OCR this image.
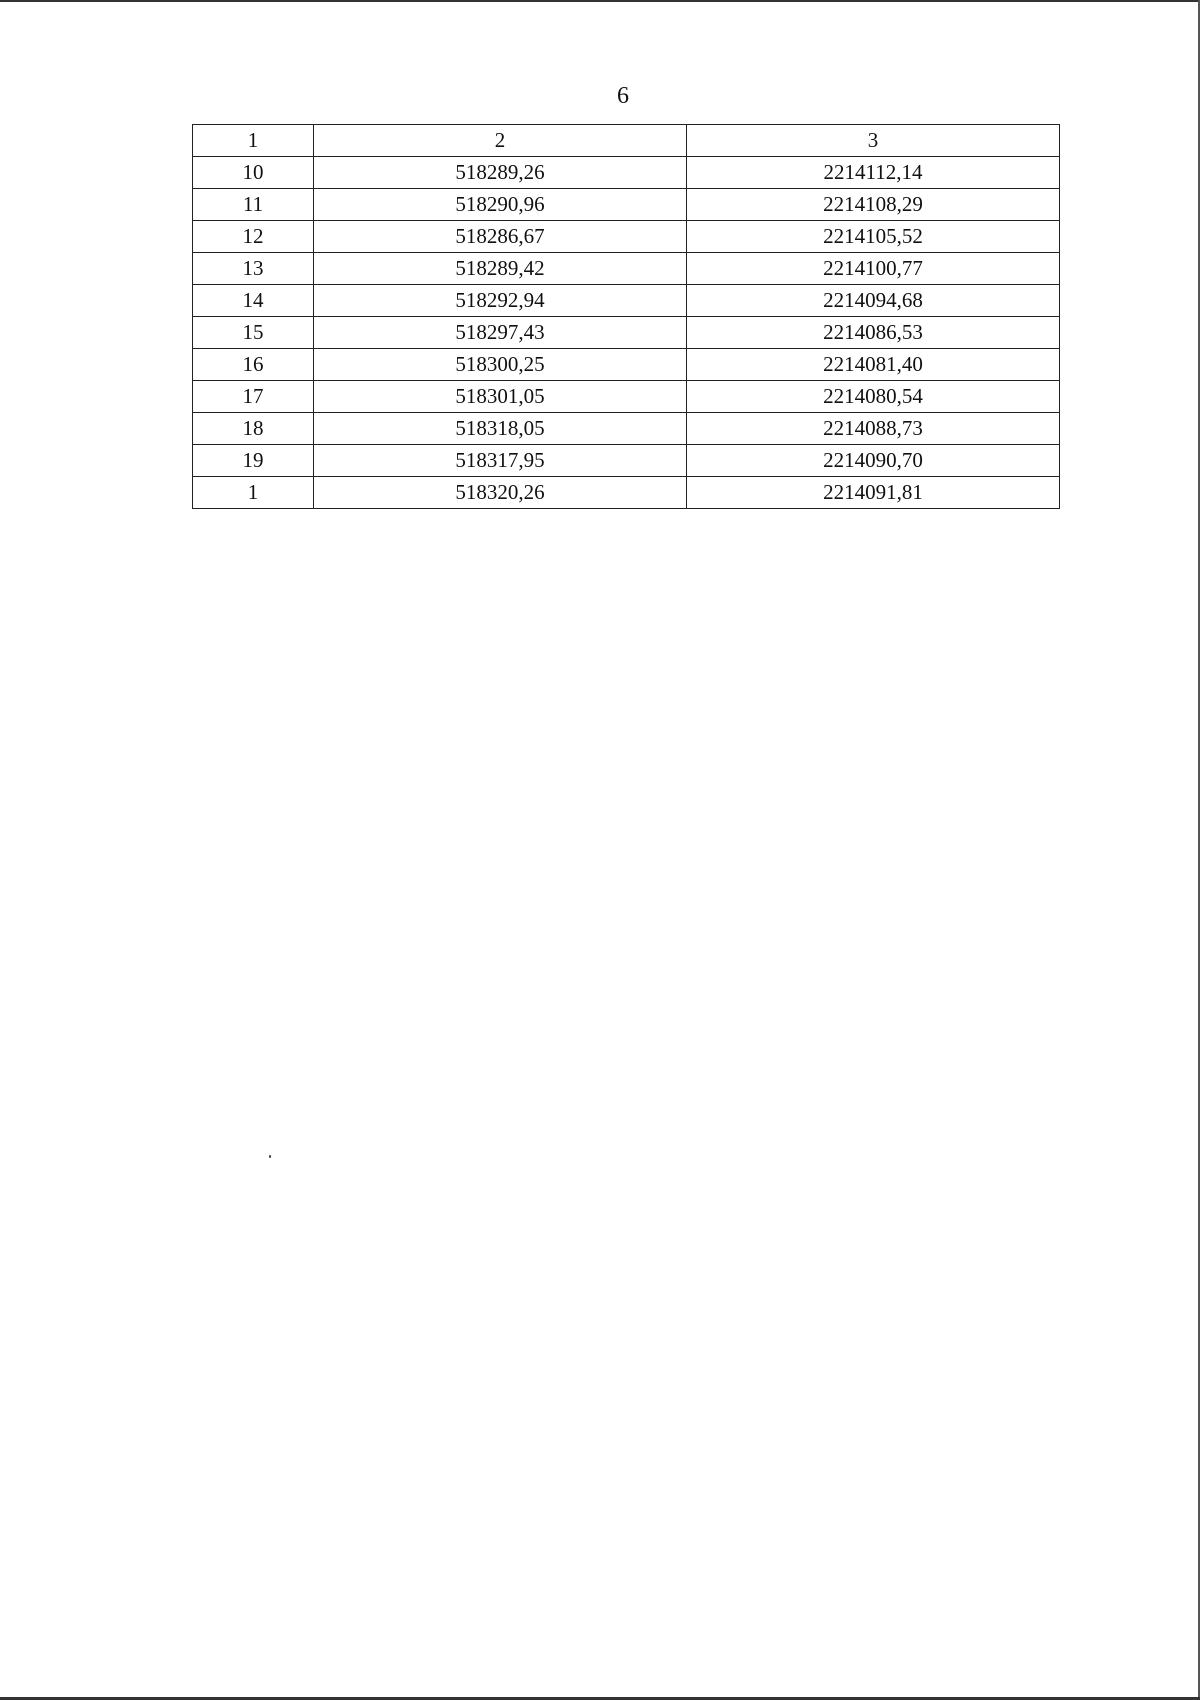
6
1	2	3
10	518289,26	2214112,14
11	518290,96	2214108,29
12	518286,67	2214105,52
13	518289,42	2214100,77
14	518292,94	2214094,68
15	518297,43	2214086,53
16	518300,25	2214081,40
17	518301,05	2214080,54
18	518318,05	2214088,73
19	518317,95	2214090,70
1	518320,26	2214091,81
